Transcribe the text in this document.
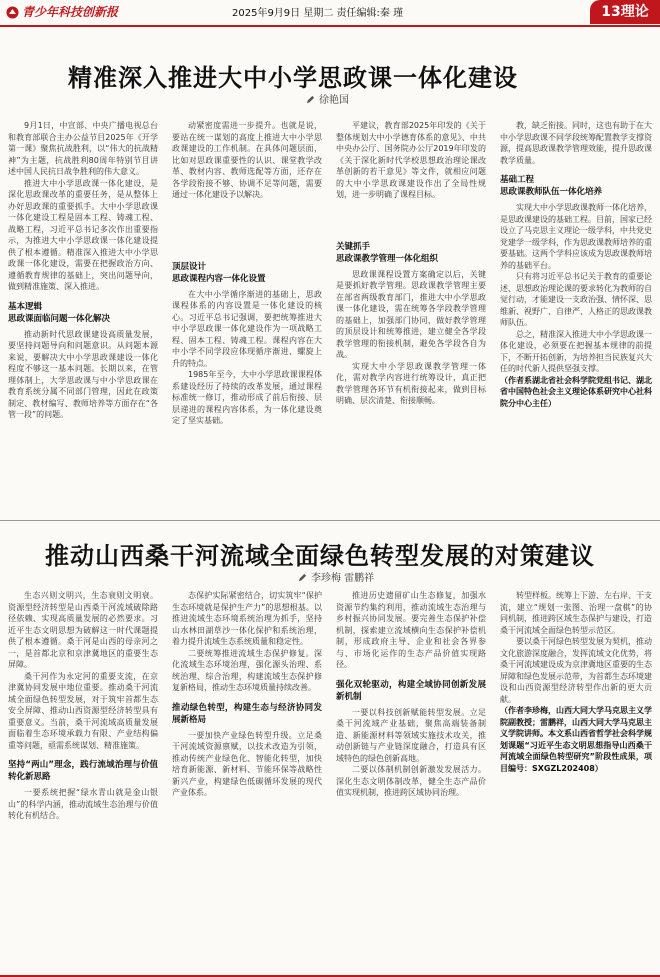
青少年科技创新报	2025年9月9日 星期二 责任编辑:秦 瑾	13理论
精准深入推进大中小学思政课一体化建设
徐艳国

9月1日，中宣部、中央广播电视总台和教育部联合主办公益节目2025年《开学第一课》聚焦抗战胜利，以“伟大的抗战精神”为主题，抗战胜利80周年特别节目讲述中国人民抗日战争胜利的伟大意义。

推进大中小学思政课一体化建设，是深化思政课改革的重要任务，是从整体上办好思政课的重要抓手。大中小学思政课一体化建设工程是固本工程、铸魂工程、战略工程，习近平总书记多次作出重要指示，为推进大中小学思政课一体化建设提供了根本遵循。精准深入推进大中小学思政课一体化建设，需要在把握政治方向、遵循教育规律的基础上，突出问题导向，做到精准施策、深入推进。

基本逻辑
思政课面临问题一体化解决

推动新时代思政课建设高质量发展，要坚持问题导向和问题意识。从问题本源来说，要解决大中小学思政课建设一体化程度不够这一基本问题。长期以来，在管理体制上，大学思政课与中小学思政课在教育系统分属不同部门管理，因此在政策制定、教材编写、教师培养等方面存在“各管一段”的问题。

动紧密度需进一步提升。也就是说，要站在统一谋划的高度上推进大中小学思政课建设的工作机制。在具体问题层面，比如对思政课重要性的认识、课堂教学改革、教材内容、教师选配等方面，还存在各学段衔接不够、协调不足等问题，需要通过一体化建设予以解决。

顶层设计
思政课程内容一体化设置

在大中小学循序渐进的基础上，思政课程体系的内容设置是一体化建设的核心。习近平总书记强调，要把统筹推进大中小学思政课一体化建设作为一项战略工程、固本工程、铸魂工程。课程内容在大中小学不同学段应体现循序渐进、螺旋上升的特点。

1985年至今，大中小学思政课课程体系建设经历了持续的改革发展，通过课程标准统一修订，推动形成了前后衔接、层层递进的课程内容体系，为一体化建设奠定了坚实基础。

平建议，教育部2025年印发的《关于整体规划大中小学德育体系的意见》、中共中央办公厅、国务院办公厅2019年印发的《关于深化新时代学校思想政治理论课改革创新的若干意见》等文件，就相应问题的大中小学思政课建设作出了全局性规划，进一步明确了课程目标。

关键抓手
思政课教学管理一体化组织

思政课课程设置方案确定以后，关键是要抓好教学管理。思政课教学管理主要在部省两级教育部门，推进大中小学思政课一体化建设，需在统筹各学段教学管理的基础上，加强部门协同，做好教学管理的顶层设计和统筹推进，建立健全各学段教学管理的衔接机制，避免各学段各自为战。

实现大中小学思政课教学管理一体化，需对教学内容进行统筹设计，真正把教学管理各环节有机衔接起来，做到目标明确、层次清楚、衔接顺畅。

教，缺乏衔接。同时，这也有助于在大中小学思政课不同学段统筹配置教学支撑资源，提高思政课教学管理效能，提升思政课教学质量。

基础工程
思政课教师队伍一体化培养

实现大中小学思政课教师一体化培养，是思政课建设的基础工程。目前，国家已经设立了马克思主义理论一级学科，中共党史党建学一级学科，作为思政课教师培养的重要基础。这两个学科应该成为思政课教师培养的基础平台。

只有将习近平总书记关于教育的重要论述、思想政治理论课的要求转化为教师的自觉行动，才能建设一支政治强、情怀深、思维新、视野广、自律严、人格正的思政课教师队伍。

总之，精准深入推进大中小学思政课一体化建设，必须要在把握基本规律的前提下，不断开拓创新，为培养担当民族复兴大任的时代新人提供坚强支撑。

（作者系湖北省社会科学院党组书记、湖北省中国特色社会主义理论体系研究中心社科院分中心主任）
推动山西桑干河流域全面绿色转型发展的对策建议
李珍梅 雷鹏祥

生态兴则文明兴，生态衰则文明衰。资源型经济转型是山西桑干河流域破除路径依赖、实现高质量发展的必然要求。习近平生态文明思想为破解这一时代课题提供了根本遵循。桑干河是山西的母亲河之一，是首都北京和京津冀地区的重要生态屏障。

桑干河作为永定河的重要支流，在京津冀协同发展中地位重要。推动桑干河流域全面绿色转型发展，对于筑牢首都生态安全屏障、推动山西资源型经济转型具有重要意义。当前，桑干河流域高质量发展面临着生态环境承载力有限、产业结构偏重等问题，亟需系统谋划、精准施策。

坚持“两山”理念，践行流域治理与价值转化新思路

一要系统把握“绿水青山就是金山银山”的科学内涵，推动流域生态治理与价值转化有机结合。

态保护实际紧密结合，切实筑牢“保护生态环境就是保护生产力”的思想根基。以推进流域生态环境系统治理为抓手，坚持山水林田湖草沙一体化保护和系统治理，着力提升流域生态系统质量和稳定性。

二要统筹推进流域生态保护修复。深化流域生态环境治理，强化源头治理、系统治理、综合治理，构建流域生态保护修复新格局，推动生态环境质量持续改善。

推动绿色转型，构建生态与经济协同发展新格局

一要加快产业绿色转型升级。立足桑干河流域资源禀赋，以技术改造为引领，推动传统产业绿色化、智能化转型，加快培育新能源、新材料、节能环保等战略性新兴产业，构建绿色低碳循环发展的现代产业体系。

推进历史遗留矿山生态修复，加强水资源节约集约利用，推动流域生态治理与乡村振兴协同发展。要完善生态保护补偿机制，探索建立流域横向生态保护补偿机制，形成政府主导、企业和社会各界参与、市场化运作的生态产品价值实现路径。

强化双轮驱动，构建全域协同创新发展新机制

一要以科技创新赋能转型发展。立足桑干河流域产业基础，聚焦高端装备制造、新能源材料等领域实施技术攻关，推动创新链与产业链深度融合，打造具有区域特色的绿色创新高地。

二要以体制机制创新激发发展活力。深化生态文明体制改革，健全生态产品价值实现机制，推进跨区域协同治理。

转型样板。统筹上下游、左右岸、干支流，建立“规划一张图、治理一盘棋”的协同机制，推进跨区域生态保护与建设，打造桑干河流域全面绿色转型示范区。

要以桑干河绿色转型发展为契机，推动文化旅游深度融合，发挥流域文化优势，将桑干河流域建设成为京津冀地区重要的生态屏障和绿色发展示范带，为首都生态环境建设和山西资源型经济转型作出新的更大贡献。

（作者李珍梅，山西大同大学马克思主义学院副教授；雷鹏祥，山西大同大学马克思主义学院讲师。本文系山西省哲学社会科学规划课题“习近平生态文明思想指导山西桑干河流域全面绿色转型研究”阶段性成果，项目编号：SXGZL202408）
